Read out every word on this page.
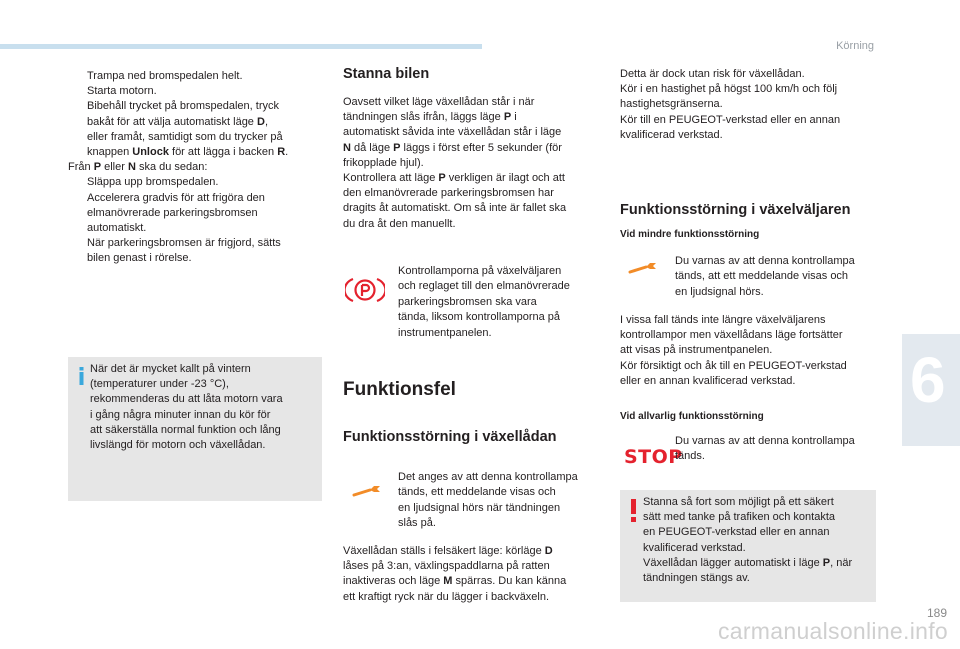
Körning
6
Trampa ned bromspedalen helt.
Starta motorn.
Bibehåll trycket på bromspedalen, tryck
bakåt för att välja automatiskt läge D,
eller framåt, samtidigt som du trycker på
knappen Unlock för att lägga i backen R.
Från P eller N ska du sedan:
Släppa upp bromspedalen.
Accelerera gradvis för att frigöra den
elmanövrerade parkeringsbromsen
automatiskt.
När parkeringsbromsen är frigjord, sätts
bilen genast i rörelse.
När det är mycket kallt på vintern
(temperaturer under -23 °C),
rekommenderas du att låta motorn vara
i gång några minuter innan du kör för
att säkerställa normal funktion och lång
livslängd för motorn och växellådan.
Stanna bilen
Oavsett vilket läge växellådan står i när
tändningen slås ifrån, läggs läge P i
automatiskt såvida inte växellådan står i läge
N då läge P läggs i först efter 5 sekunder (för
frikopplade hjul).
Kontrollera att läge P verkligen är ilagt och att
den elmanövrerade parkeringsbromsen har
dragits åt automatiskt. Om så inte är fallet ska
du dra åt den manuellt.
Kontrollamporna på växelväljaren
och reglaget till den elmanövrerade
parkeringsbromsen ska vara
tända, liksom kontrollamporna på
instrumentpanelen.
Funktionsfel
Funktionsstörning i växellådan
Det anges av att denna kontrollampa
tänds, ett meddelande visas och
en ljudsignal hörs när tändningen
slås på.
Växellådan ställs i felsäkert läge: körläge D
låses på 3:an, växlingspaddlarna på ratten
inaktiveras och läge M spärras. Du kan känna
ett kraftigt ryck när du lägger i backväxeln.
Detta är dock utan risk för växellådan.
Kör i en hastighet på högst 100 km/h och följ
hastighetsgränserna.
Kör till en PEUGEOT-verkstad eller en annan
kvalificerad verkstad.
Funktionsstörning i växelväljaren
Vid mindre funktionsstörning
Du varnas av att denna kontrollampa
tänds, att ett meddelande visas och
en ljudsignal hörs.
I vissa fall tänds inte längre växelväljarens
kontrollampor men växellådans läge fortsätter
att visas på instrumentpanelen.
Kör försiktigt och åk till en PEUGEOT-verkstad
eller en annan kvalificerad verkstad.
Vid allvarlig funktionsstörning
STOP
Du varnas av att denna kontrollampa
tänds.
Stanna så fort som möjligt på ett säkert
sätt med tanke på trafiken och kontakta
en PEUGEOT-verkstad eller en annan
kvalificerad verkstad.
Växellådan lägger automatiskt i läge P, när
tändningen stängs av.
189
carmanualsonline.info
